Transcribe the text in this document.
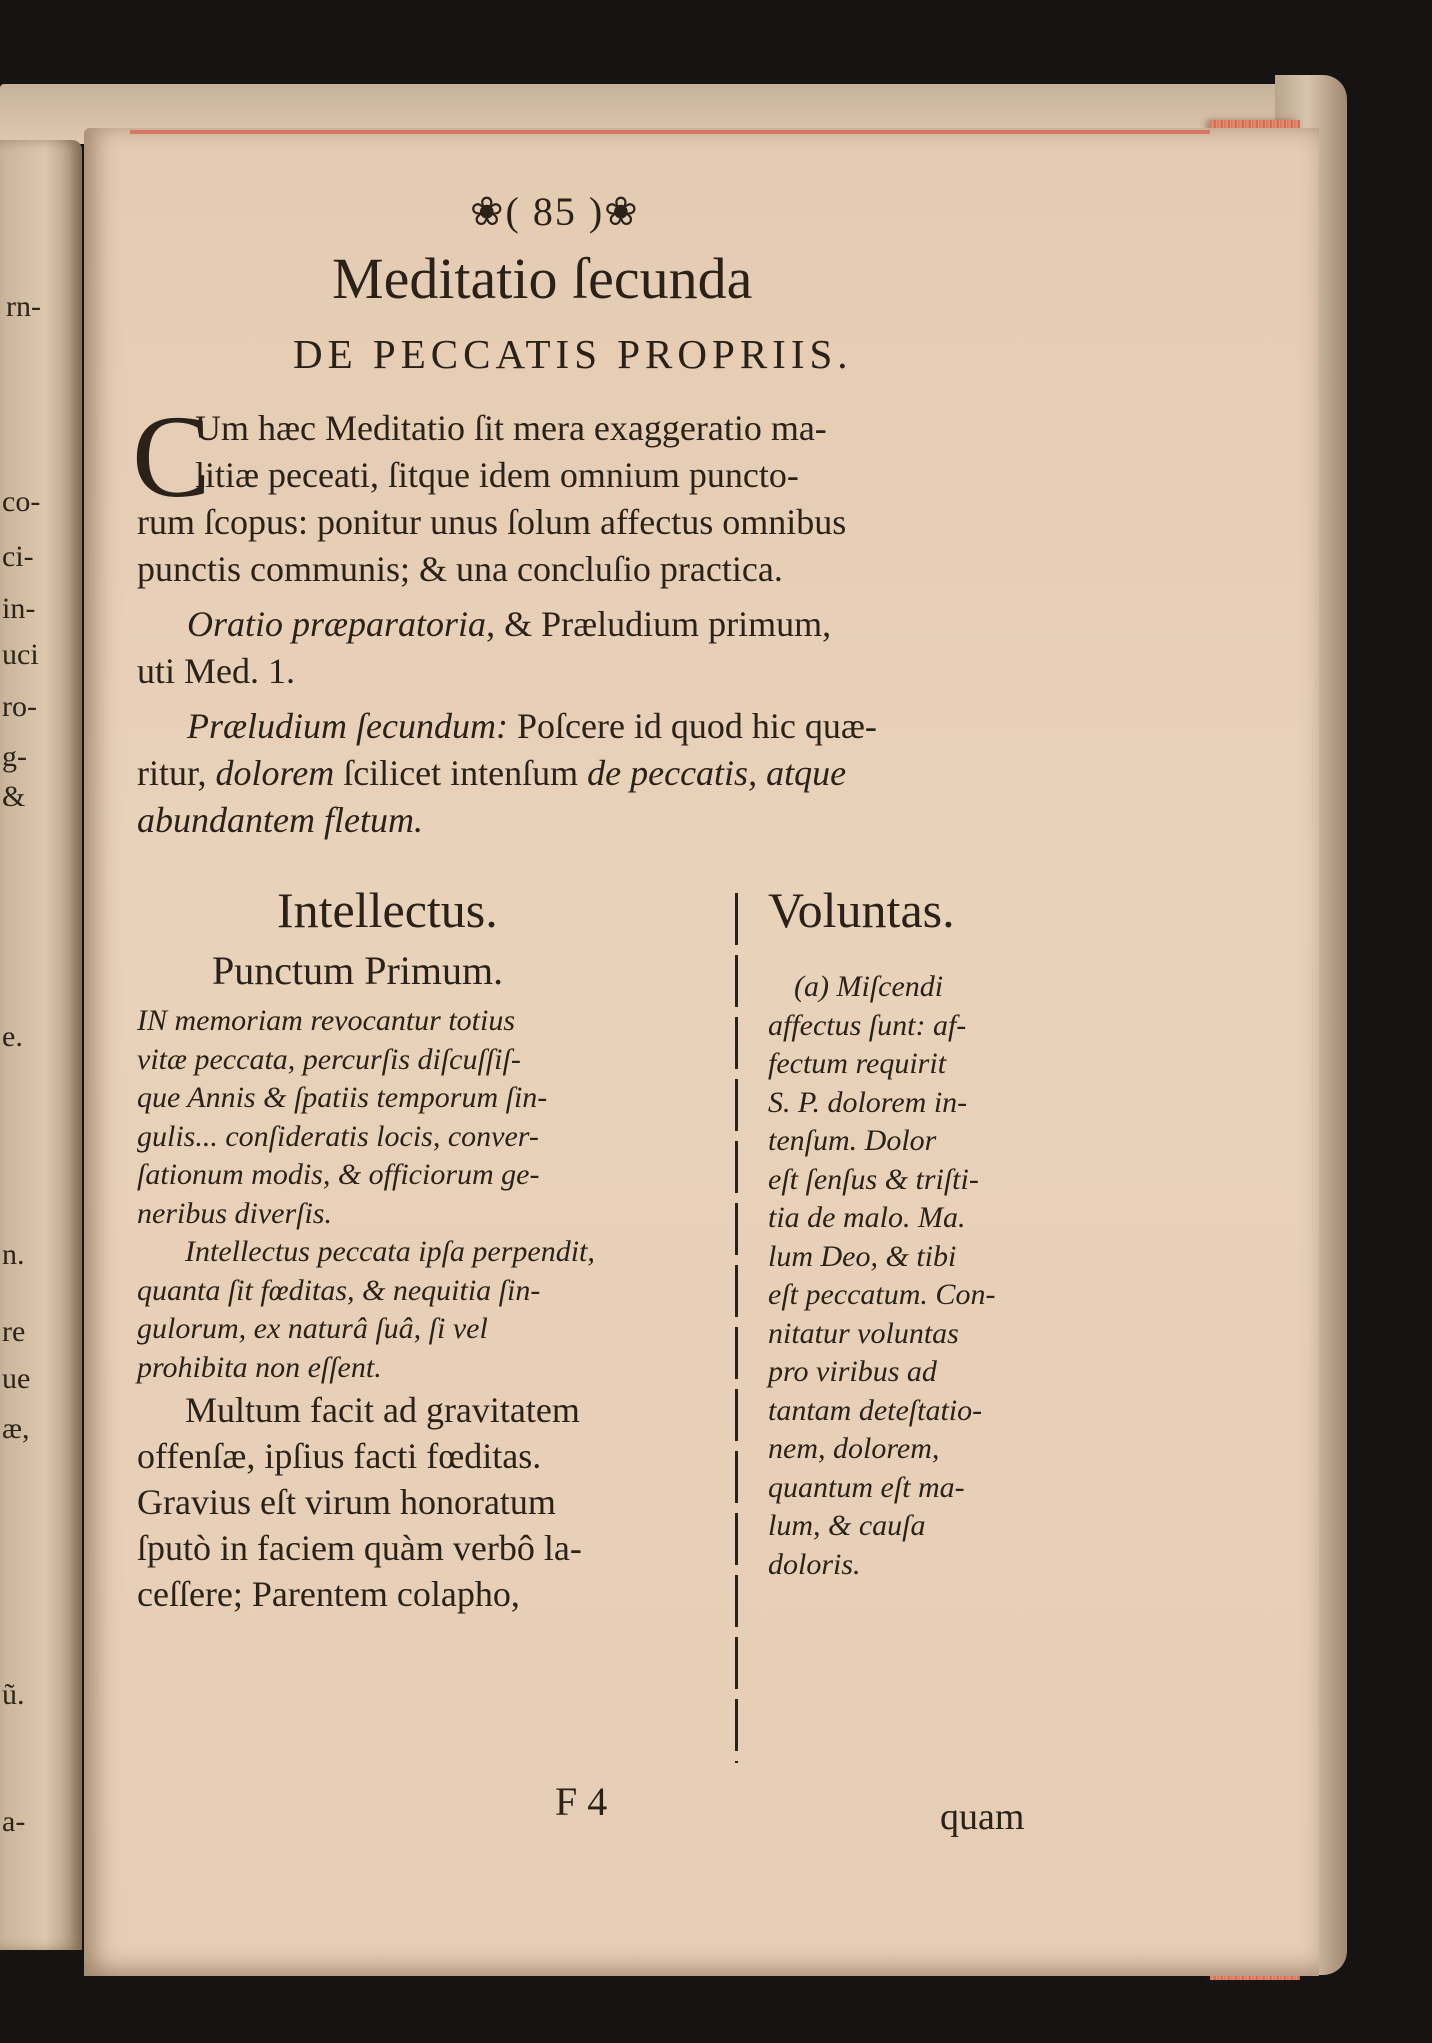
rn-
co-
ci-
in-
uci
ro-
g-
&
e.
n.
re
ue
æ,
ũ.
a-
❀( 85 )❀
Meditatio ſecunda
DE PECCATIS PROPRIIS.
C
Um hæc Meditatio ſit mera exaggeratio ma-
litiæ peceati, ſitque idem omnium puncto-
rum ſcopus: ponitur unus ſolum affectus omnibus
punctis communis; & una concluſio practica.
Oratio præparatoria, & Præludium primum,
uti Med. 1.
Præludium ſecundum: Poſcere id quod hic quæ-
ritur, dolorem ſcilicet intenſum de peccatis, atque
abundantem fletum.
Intellectus.
Punctum Primum.
IN memoriam revocantur totius
vitæ peccata, percurſis diſcuſſiſ-
que Annis & ſpatiis temporum ſin-
gulis... conſideratis locis, conver-
ſationum modis, & officiorum ge-
neribus diverſis.
Intellectus peccata ipſa perpendit,
quanta ſit fœditas, & nequitia ſin-
gulorum, ex naturâ ſuâ, ſi vel
prohibita non eſſent.
Multum facit ad gravitatem
offenſæ, ipſius facti fœditas.
Gravius eſt virum honoratum
ſputò in faciem quàm verbô la-
ceſſere; Parentem colapho,
Voluntas.
(a) Miſcendi
affectus ſunt: af-
fectum requirit
S. P. dolorem in-
tenſum. Dolor
eſt ſenſus & triſti-
tia de malo. Ma.
lum Deo, & tibi
eſt peccatum. Con-
nitatur voluntas
pro viribus ad
tantam deteſtatio-
nem, dolorem,
quantum eſt ma-
lum, & cauſa
doloris.
F 4	quam
